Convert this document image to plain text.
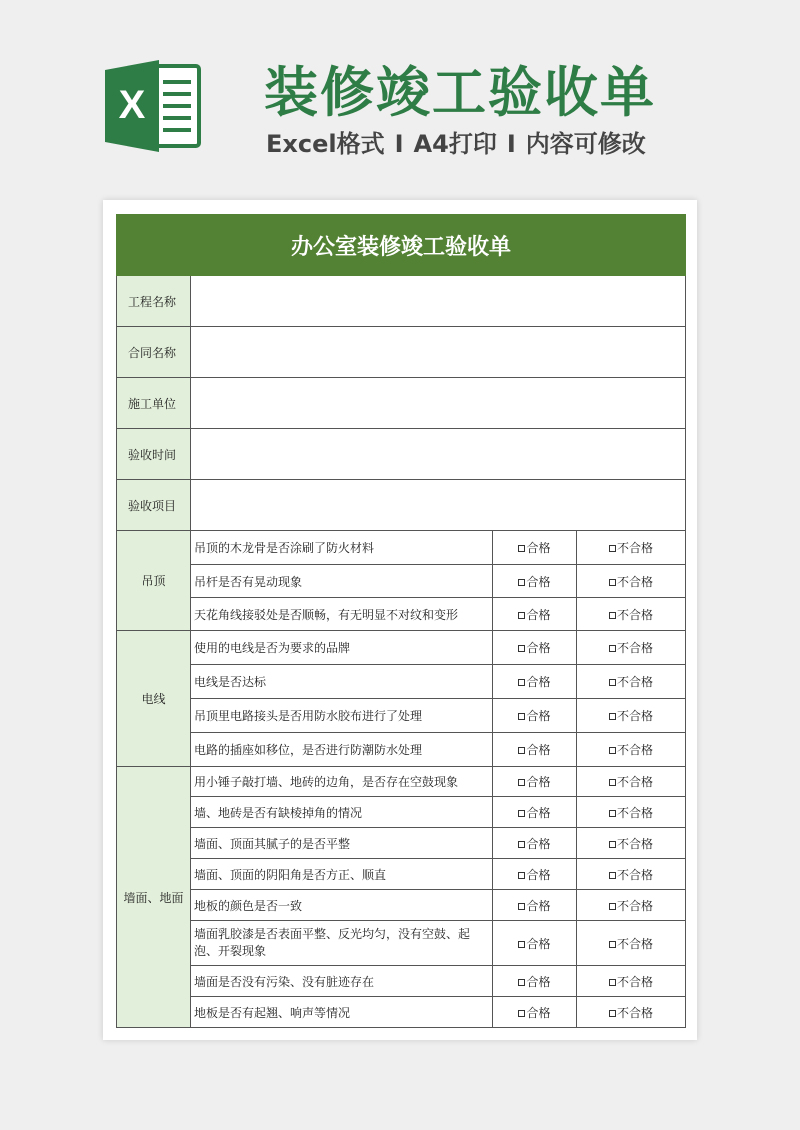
X 装修竣工验收单
Excel格式 I A4打印 I 内容可修改
办公室装修竣工验收单			
工程名称			
合同名称			
施工单位			
验收时间			
验收项目			
吊顶	吊顶的木龙骨是否涂刷了防火材料	合格	不合格
	吊杆是否有晃动现象	合格	不合格
	天花角线接驳处是否顺畅，有无明显不对纹和变形	合格	不合格
电线	使用的电线是否为要求的品牌	合格	不合格
	电线是否达标	合格	不合格
	吊顶里电路接头是否用防水胶布进行了处理	合格	不合格
	电路的插座如移位，是否进行防潮防水处理	合格	不合格
墙面、地面	用小锤子敲打墙、地砖的边角，是否存在空鼓现象	合格	不合格
	墙、地砖是否有缺棱掉角的情况	合格	不合格
	墙面、顶面其腻子的是否平整	合格	不合格
	墙面、顶面的阴阳角是否方正、顺直	合格	不合格
	地板的颜色是否一致	合格	不合格
	墙面乳胶漆是否表面平整、反光均匀，没有空鼓、起泡、开裂现象	合格	不合格
	墙面是否没有污染、没有脏迹存在	合格	不合格
	地板是否有起翘、响声等情况	合格	不合格
